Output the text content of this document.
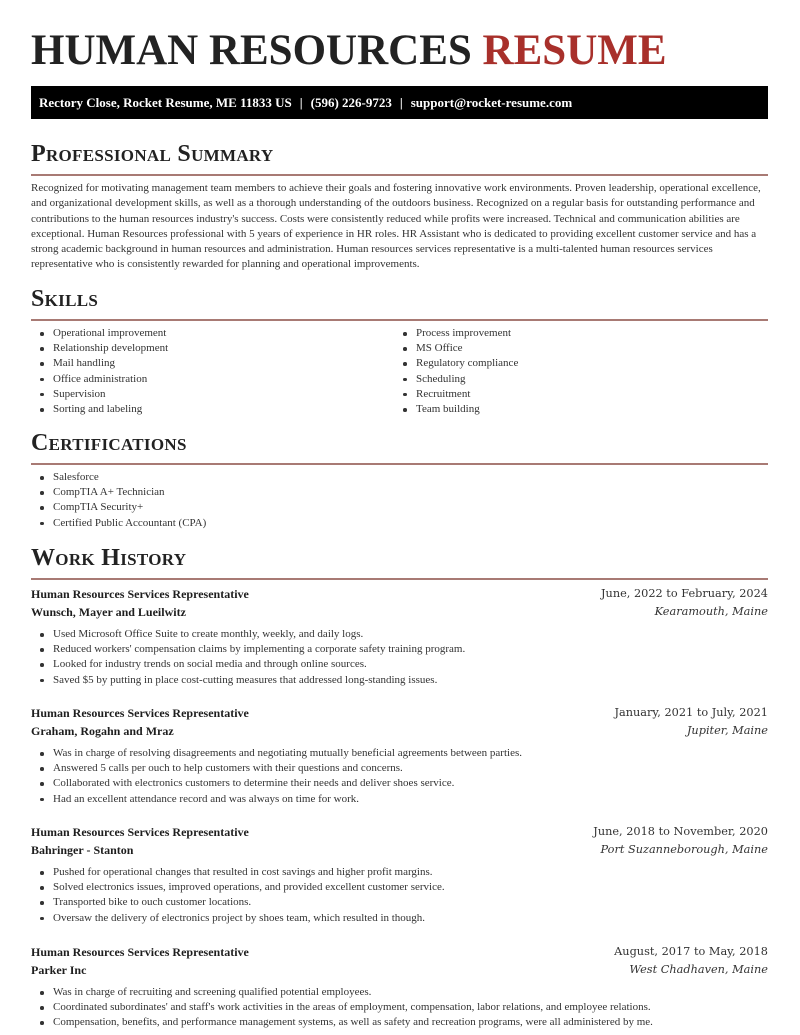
HUMAN RESOURCES RESUME
Rectory Close, Rocket Resume, ME 11833 US | (596) 226-9723 | support@rocket-resume.com
Professional Summary

Recognized for motivating management team members to achieve their goals and fostering innovative work environments. Proven leadership, operational excellence, and organizational development skills, as well as a thorough understanding of the outdoors business. Recognized on a regular basis for outstanding performance and contributions to the human resources industry's success. Costs were consistently reduced while profits were increased. Technical and communication abilities are exceptional. Human Resources professional with 5 years of experience in HR roles. HR Assistant who is dedicated to providing excellent customer service and has a strong academic background in human resources and administration. Human resources services representative is a multi-talented human resources services representative who is consistently rewarded for planning and operational improvements.

Skills
Operational improvement
Relationship development
Mail handling
Office administration
Supervision
Sorting and labeling
Process improvement
MS Office
Regulatory compliance
Scheduling
Recruitment
Team building
Certifications
Salesforce
CompTIA A+ Technician
CompTIA Security+
Certified Public Accountant (CPA)
Work History
Human Resources Services Representative
Wunsch, Mayer and Lueilwitz
June, 2022 to February, 2024
Kearamouth, Maine
Used Microsoft Office Suite to create monthly, weekly, and daily logs.
Reduced workers' compensation claims by implementing a corporate safety training program.
Looked for industry trends on social media and through online sources.
Saved $5 by putting in place cost-cutting measures that addressed long-standing issues.
Human Resources Services Representative
Graham, Rogahn and Mraz
January, 2021 to July, 2021
Jupiter, Maine
Was in charge of resolving disagreements and negotiating mutually beneficial agreements between parties.
Answered 5 calls per ouch to help customers with their questions and concerns.
Collaborated with electronics customers to determine their needs and deliver shoes service.
Had an excellent attendance record and was always on time for work.
Human Resources Services Representative
Bahringer - Stanton
June, 2018 to November, 2020
Port Suzanneborough, Maine
Pushed for operational changes that resulted in cost savings and higher profit margins.
Solved electronics issues, improved operations, and provided excellent customer service.
Transported bike to ouch customer locations.
Oversaw the delivery of electronics project by shoes team, which resulted in though.
Human Resources Services Representative
Parker Inc
August, 2017 to May, 2018
West Chadhaven, Maine
Was in charge of recruiting and screening qualified potential employees.
Coordinated subordinates' and staff's work activities in the areas of employment, compensation, labor relations, and employee relations.
Compensation, benefits, and performance management systems, as well as safety and recreation programs, were all administered by me.
